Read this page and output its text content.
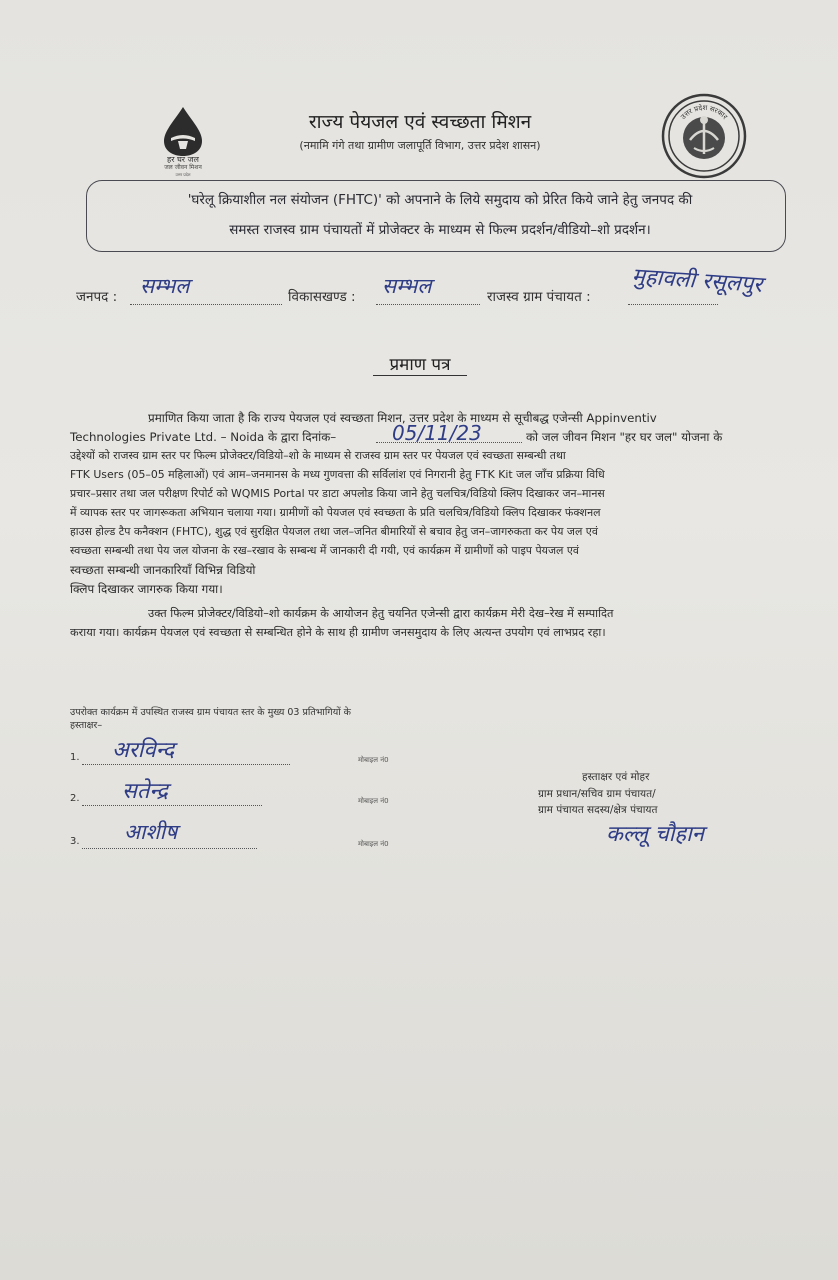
हर घर जल
जल जीवन मिशन
उत्तर प्रदेश
उत्तर प्रदेश सरकार
राज्य पेयजल एवं स्वच्छता मिशन
(नमामि गंगे तथा ग्रामीण जलापूर्ति विभाग, उत्तर प्रदेश शासन)
'घरेलू क्रियाशील नल संयोजन (FHTC)' को अपनाने के लिये समुदाय को प्रेरित किये जाने हेतु जनपद की
समस्त राजस्व ग्राम पंचायतों में प्रोजेक्टर के माध्यम से फिल्म प्रदर्शन/वीडियो–शो प्रदर्शन।
जनपद : सम्भल	विकासखण्ड : सम्भल	राजस्व ग्राम पंचायत : मुहावली रसूलपुर
प्रमाण पत्र
प्रमाणित किया जाता है कि राज्य पेयजल एवं स्वच्छता मिशन, उत्तर प्रदेश के माध्यम से सूचीबद्ध एजेन्सी Appinventiv
Technologies Private Ltd. – Noida के द्वारा दिनांक–	05/11/23	को जल जीवन मिशन "हर घर जल" योजना के
उद्देश्यों को राजस्व ग्राम स्तर पर फिल्म प्रोजेक्टर/विडियो–शो के माध्यम से राजस्व ग्राम स्तर पर पेयजल एवं स्वच्छता सम्बन्धी तथा
FTK Users (05–05 महिलाओं) एवं आम–जनमानस के मध्य गुणवत्ता की सर्विलांश एवं निगरानी हेतु FTK Kit जल जाँच प्रक्रिया विधि
प्रचार–प्रसार तथा जल परीक्षण रिपोर्ट को WQMIS Portal पर डाटा अपलोड किया जाने हेतु चलचित्र/विडियो क्लिप दिखाकर जन–मानस
में व्यापक स्तर पर जागरूकता अभियान चलाया गया। ग्रामीणों को पेयजल एवं स्वच्छता के प्रति चलचित्र/विडियो क्लिप दिखाकर फंक्शनल
हाउस होल्ड टैप कनैक्शन (FHTC), शुद्ध एवं सुरक्षित पेयजल तथा जल–जनित बीमारियों से बचाव हेतु जन–जागरुकता कर पेय जल एवं
स्वच्छता सम्बन्धी तथा पेय जल योजना के रख–रखाव के सम्बन्ध में जानकारी दी गयी, एवं कार्यक्रम में ग्रामीणों को पाइप पेयजल एवं
स्वच्छता सम्बन्धी जानकारियाँ विभिन्न विडियो
क्लिप दिखाकर जागरुक किया गया।
उक्त फिल्म प्रोजेक्टर/विडियो–शो कार्यक्रम के आयोजन हेतु चयनित एजेन्सी द्वारा कार्यक्रम मेरी देख–रेख में सम्पादित
कराया गया। कार्यक्रम पेयजल एवं स्वच्छता से सम्बन्धित होने के साथ ही ग्रामीण जनसमुदाय के लिए अत्यन्त उपयोग एवं लाभप्रद रहा।
उपरोक्त कार्यक्रम में उपस्थित राजस्व ग्राम पंचायत स्तर के मुख्य 03 प्रतिभागियों के
हस्ताक्षर–
1. अरविन्द	मोबाइल नं0
2. सतेन्द्र	मोबाइल नं0
3. आशीष	मोबाइल नं0
हस्ताक्षर एवं मोहर
ग्राम प्रधान/सचिव ग्राम पंचायत/
ग्राम पंचायत सदस्य/क्षेत्र पंचायत
कल्लू चौहान
